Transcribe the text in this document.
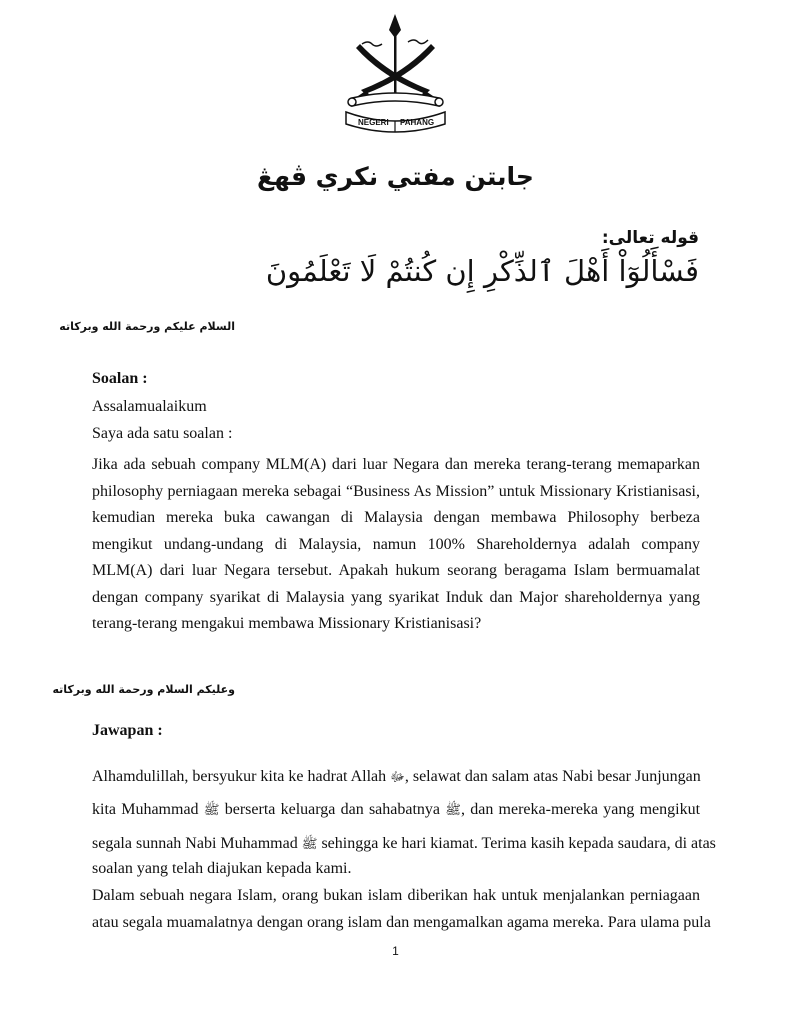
NEGERI PAHANG
جابتن مفتي نكري ڤهڠ
قوله تعالى:
فَسْأَلُوٓاْ أَهْلَ ٱلذِّكْرِ إِن كُنتُمْ لَا تَعْلَمُونَ
السلام عليكم ورحمة الله وبركاته
Soalan :
Assalamualaikum
Saya ada satu soalan :
Jika ada sebuah company MLM(A) dari luar Negara dan mereka terang-terang memaparkan philosophy perniagaan mereka sebagai “Business As Mission” untuk Missionary Kristianisasi, kemudian mereka buka cawangan di Malaysia dengan membawa Philosophy berbeza mengikut undang-undang di Malaysia, namun 100% Shareholdernya adalah company MLM(A) dari luar Negara tersebut. Apakah hukum seorang beragama Islam bermuamalat dengan company syarikat di Malaysia yang syarikat Induk dan Major shareholdernya yang terang-terang mengakui membawa Missionary Kristianisasi?
وعليكم السلام ورحمة الله وبركاته
Jawapan :
Alhamdulillah, bersyukur kita ke hadrat Allah ﷻ, selawat dan salam atas Nabi besar Junjungan
kita Muhammad ﷺ berserta keluarga dan sahabatnya ﷺ, dan mereka-mereka yang mengikut
segala sunnah Nabi Muhammad ﷺ sehingga ke hari kiamat. Terima kasih kepada saudara, di atas
soalan yang telah diajukan kepada kami.
Dalam sebuah negara Islam, orang bukan islam diberikan hak untuk menjalankan perniagaan
atau segala muamalatnya dengan orang islam dan mengamalkan agama mereka. Para ulama pula
1
